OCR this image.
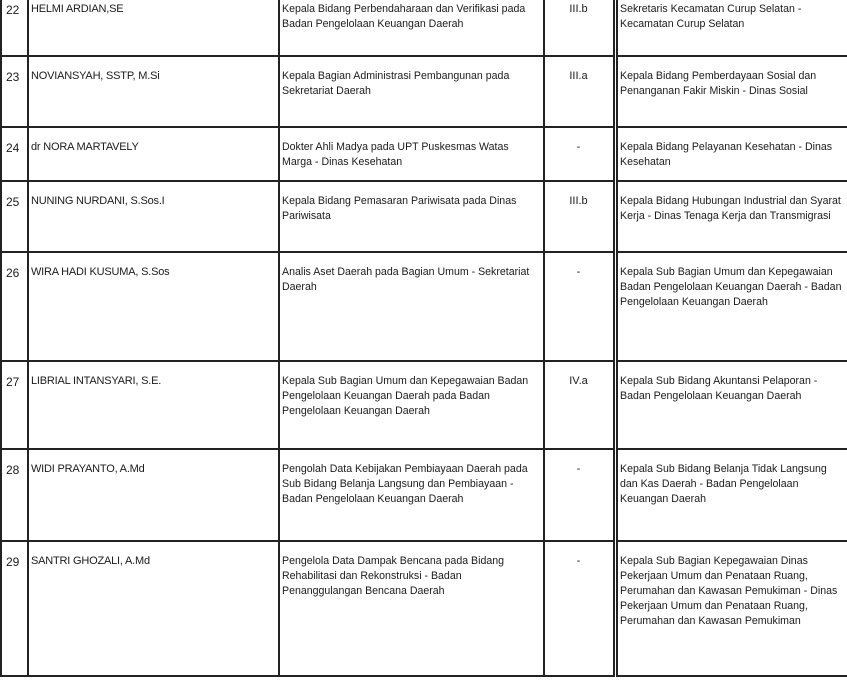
22	HELMI ARDIAN,SE	Kepala Bidang Perbendaharaan dan Verifikasi pada Badan Pengelolaan Keuangan Daerah	III.b		Sekretaris Kecamatan Curup Selatan - Kecamatan Curup Selatan
23	NOVIANSYAH, SSTP, M.Si	Kepala Bagian Administrasi Pembangunan pada Sekretariat Daerah	III.a		Kepala Bidang Pemberdayaan Sosial dan Penanganan Fakir Miskin - Dinas Sosial
24	dr NORA MARTAVELY	Dokter Ahli Madya pada UPT Puskesmas Watas Marga - Dinas Kesehatan	-		Kepala Bidang Pelayanan Kesehatan - Dinas Kesehatan
25	NUNING NURDANI, S.Sos.I	Kepala Bidang Pemasaran Pariwisata pada Dinas Pariwisata	III.b		Kepala Bidang Hubungan Industrial dan Syarat Kerja - Dinas Tenaga Kerja dan Transmigrasi
26	WIRA HADI KUSUMA, S.Sos	Analis Aset Daerah pada Bagian Umum - Sekretariat Daerah	-		Kepala Sub Bagian Umum dan Kepegawaian Badan Pengelolaan Keuangan Daerah - Badan Pengelolaan Keuangan Daerah
27	LIBRIAL INTANSYARI, S.E.	Kepala Sub Bagian Umum dan Kepegawaian Badan Pengelolaan Keuangan Daerah pada Badan Pengelolaan Keuangan Daerah	IV.a		Kepala Sub Bidang Akuntansi Pelaporan - Badan Pengelolaan Keuangan Daerah
28	WIDI PRAYANTO, A.Md	Pengolah Data Kebijakan Pembiayaan Daerah pada Sub Bidang Belanja Langsung dan Pembiayaan - Badan Pengelolaan Keuangan Daerah	-		Kepala Sub Bidang Belanja Tidak Langsung dan Kas Daerah - Badan Pengelolaan Keuangan Daerah
29	SANTRI GHOZALI, A.Md	Pengelola Data Dampak Bencana pada Bidang Rehabilitasi dan Rekonstruksi - Badan Penanggulangan Bencana Daerah	-		Kepala Sub Bagian Kepegawaian Dinas Pekerjaan Umum dan Penataan Ruang, Perumahan dan Kawasan Pemukiman - Dinas Pekerjaan Umum dan Penataan Ruang, Perumahan dan Kawasan Pemukiman
